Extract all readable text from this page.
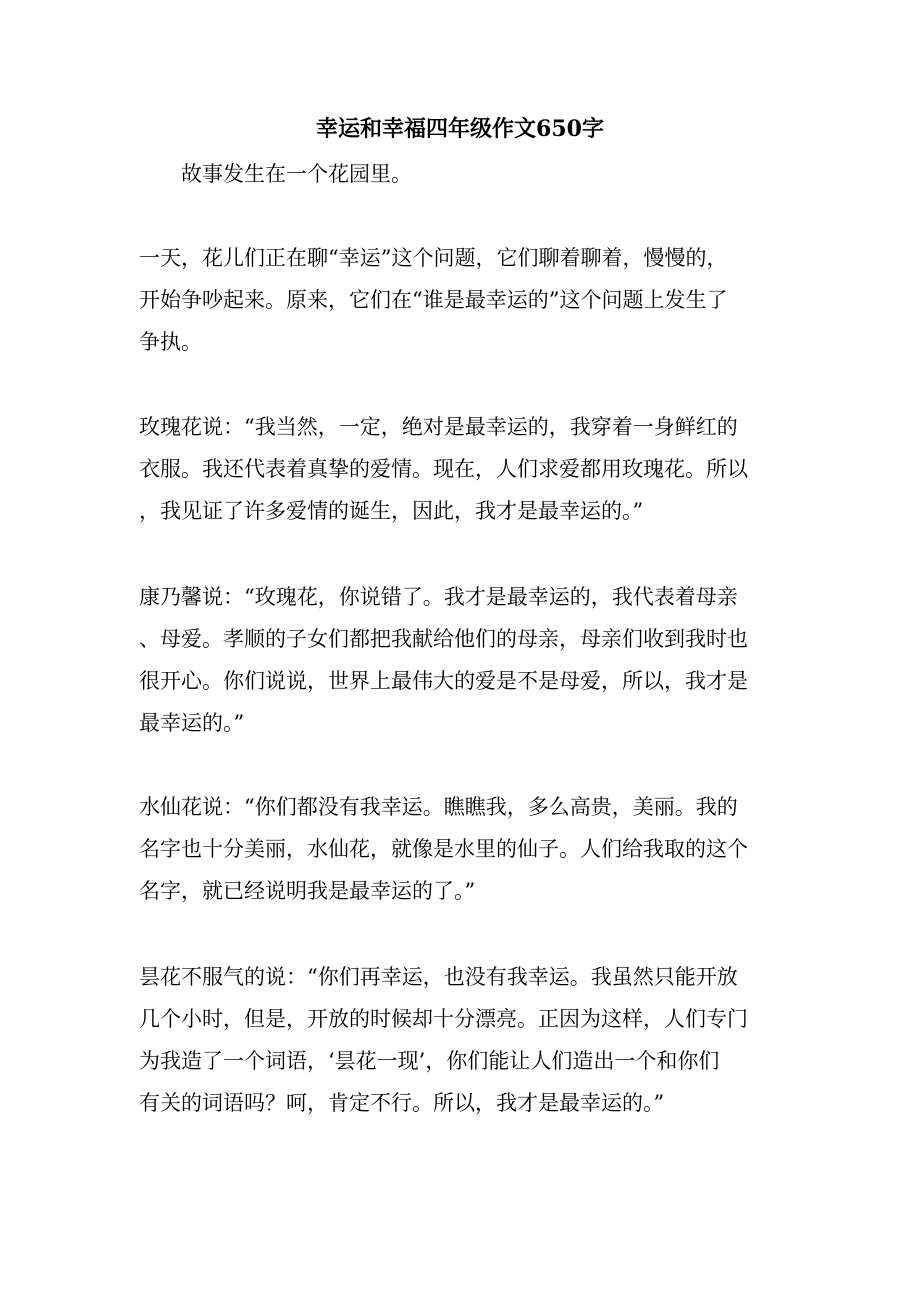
幸运和幸福四年级作文650字

故事发生在一个花园里。

一天，花儿们正在聊“幸运”这个问题，它们聊着聊着，慢慢的，
开始争吵起来。原来，它们在“谁是最幸运的”这个问题上发生了
争执。

玫瑰花说：“我当然，一定，绝对是最幸运的，我穿着一身鲜红的
衣服。我还代表着真挚的爱情。现在，人们求爱都用玫瑰花。所以
，我见证了许多爱情的诞生，因此，我才是最幸运的。”

康乃馨说：“玫瑰花，你说错了。我才是最幸运的，我代表着母亲
、母爱。孝顺的子女们都把我献给他们的母亲，母亲们收到我时也
很开心。你们说说，世界上最伟大的爱是不是母爱，所以，我才是
最幸运的。”

水仙花说：“你们都没有我幸运。瞧瞧我，多么高贵，美丽。我的
名字也十分美丽，水仙花，就像是水里的仙子。人们给我取的这个
名字，就已经说明我是最幸运的了。”

昙花不服气的说：“你们再幸运，也没有我幸运。我虽然只能开放
几个小时，但是，开放的时候却十分漂亮。正因为这样，人们专门
为我造了一个词语，‘昙花一现’，你们能让人们造出一个和你们
有关的词语吗？呵，肯定不行。所以，我才是最幸运的。”
